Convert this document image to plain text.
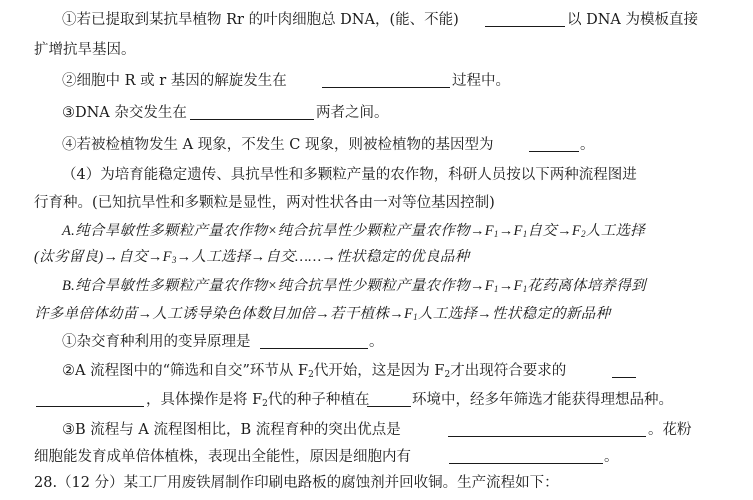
①若已提取到某抗旱植物 Rr 的叶肉细胞总 DNA，(能、不能)	以 DNA 为模板直接
扩增抗旱基因。
②细胞中 R 或 r 基因的解旋发生在	过程中。
③DNA 杂交发生在	两者之间。
④若被检植物发生 A 现象，不发生 C 现象，则被检植物的基因型为	。
（4）为培育能稳定遗传、具抗旱性和多颗粒产量的农作物，科研人员按以下两种流程图进
行育种。(已知抗旱性和多颗粒是显性，两对性状各由一对等位基因控制)
A.纯合旱敏性多颗粒产量农作物×纯合抗旱性少颗粒产量农作物$\to F_1\to F_1$自交$\to F_2$人工选择
(汰劣留良)→自交$\to F_3\to$人工选择→自交……→性状稳定的优良品种
B.纯合旱敏性多颗粒产量农作物×纯合抗旱性少颗粒产量农作物$\to F_1\to F_1$花药离体培养得到
许多单倍体幼苗→人工诱导染色体数目加倍→若干植株$\to F_1$人工选择→性状稳定的新品种
①杂交育种利用的变异原理是	。
②A 流程图中的“筛选和自交”环节从 $F_2$代开始，这是因为 $F_2$才出现符合要求的
，具体操作是将 $F_2$代的种子种植在	环境中，经多年筛选才能获得理想品种。
③B 流程与 A 流程图相比，B 流程育种的突出优点是	。花粉
细胞能发育成单倍体植株，表现出全能性，原因是细胞内有	。
28.（12 分）某工厂用废铁屑制作印刷电路板的腐蚀剂并回收铜。生产流程如下：
